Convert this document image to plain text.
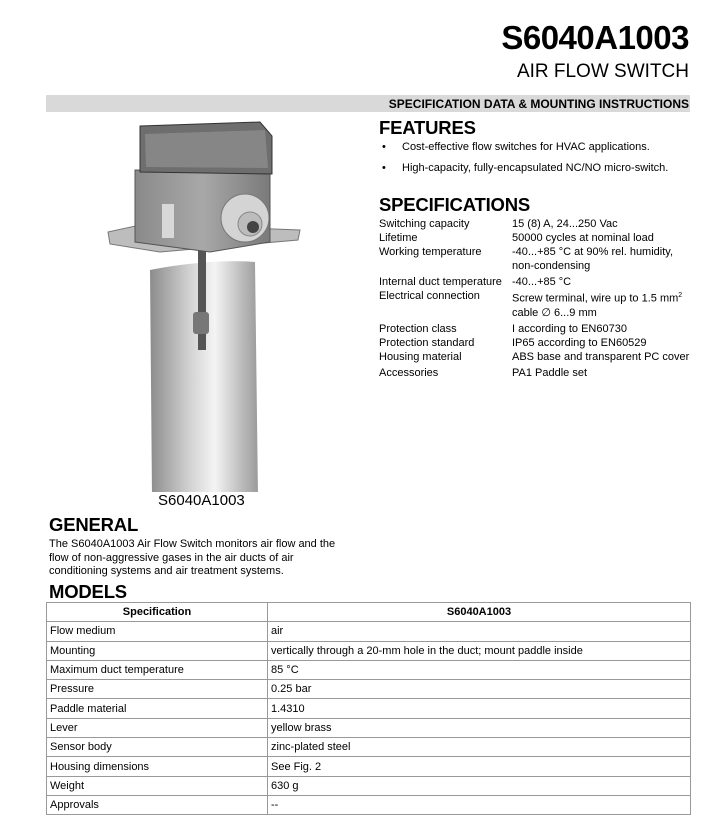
S6040A1003
AIR FLOW SWITCH
SPECIFICATION DATA & MOUNTING INSTRUCTIONS
S6040A1003
FEATURES
• Cost-effective flow switches for HVAC applications.
• High-capacity, fully-encapsulated NC/NO micro-switch.
SPECIFICATIONS
Switching capacity	15 (8) A, 24...250 Vac
Lifetime	50000 cycles at nominal load
Working temperature	-40...+85 °C at 90% rel. humidity, non-condensing
Internal duct temperature	-40...+85 °C
Electrical connection	Screw terminal, wire up to 1.5 $mm^2$
cable ∅ 6...9 mm
Protection class	I according to EN60730
Protection standard	IP65 according to EN60529
Housing material	ABS base and transparent PC cover
Accessories	PA1 Paddle set
GENERAL

The S6040A1003 Air Flow Switch monitors air flow and the flow of non-aggressive gases in the air ducts of air conditioning systems and air treatment systems.

MODELS
Specification	S6040A1003
Flow medium	air
Mounting	vertically through a 20-mm hole in the duct; mount paddle inside
Maximum duct temperature	85 °C
Pressure	0.25 bar
Paddle material	1.4310
Lever	yellow brass
Sensor body	zinc-plated steel
Housing dimensions	See Fig. 2
Weight	630 g
Approvals	--
